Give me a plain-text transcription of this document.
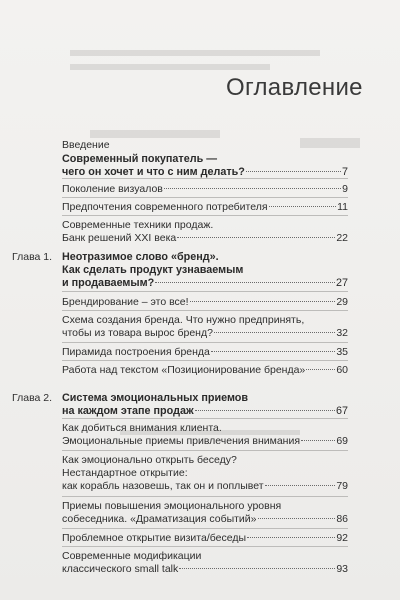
Оглавление
Введение
Современный покупатель —
чего он хочет и что с ним делать?	7
Поколение визуалов	9
Предпочтения современного потребителя	11
Современные техники продаж.
Банк решений XXI века	22
Глава 1. Неотразимое слово «бренд».
Как сделать продукт узнаваемым
и продаваемым?	27
Брендирование – это все!	29
Схема создания бренда. Что нужно предпринять,
чтобы из товара вырос бренд?	32
Пирамида построения бренда	35
Работа над текстом «Позиционирование бренда»	60
Глава 2. Система эмоциональных приемов
на каждом этапе продаж	67
Как добиться внимания клиента.
Эмоциональные приемы привлечения внимания	69
Как эмоционально открыть беседу?
Нестандартное открытие:
как корабль назовешь, так он и поплывет	79
Приемы повышения эмоционального уровня
собеседника. «Драматизация событий»	86
Проблемное открытие визита/беседы	92
Современные модификации
классического small talk	93
